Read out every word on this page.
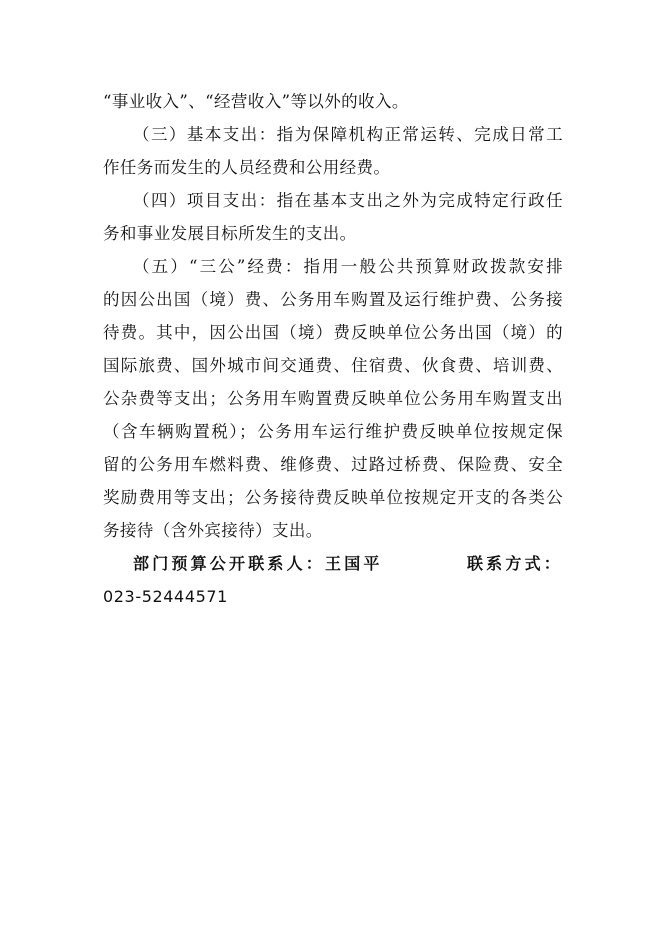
“事业收入”、“经营收入”等以外的收入。
（三）基本支出：指为保障机构正常运转、完成日常工
作任务而发生的人员经费和公用经费。
（四）项目支出：指在基本支出之外为完成特定行政任
务和事业发展目标所发生的支出。
（五）“三公”经费：指用一般公共预算财政拨款安排
的因公出国（境）费、公务用车购置及运行维护费、公务接
待费。其中，因公出国（境）费反映单位公务出国（境）的
国际旅费、国外城市间交通费、住宿费、伙食费、培训费、
公杂费等支出；公务用车购置费反映单位公务用车购置支出
（含车辆购置税）；公务用车运行维护费反映单位按规定保
留的公务用车燃料费、维修费、过路过桥费、保险费、安全
奖励费用等支出；公务接待费反映单位按规定开支的各类公
务接待（含外宾接待）支出。
部门预算公开联系人：王国平	联系方式：
023-52444571
